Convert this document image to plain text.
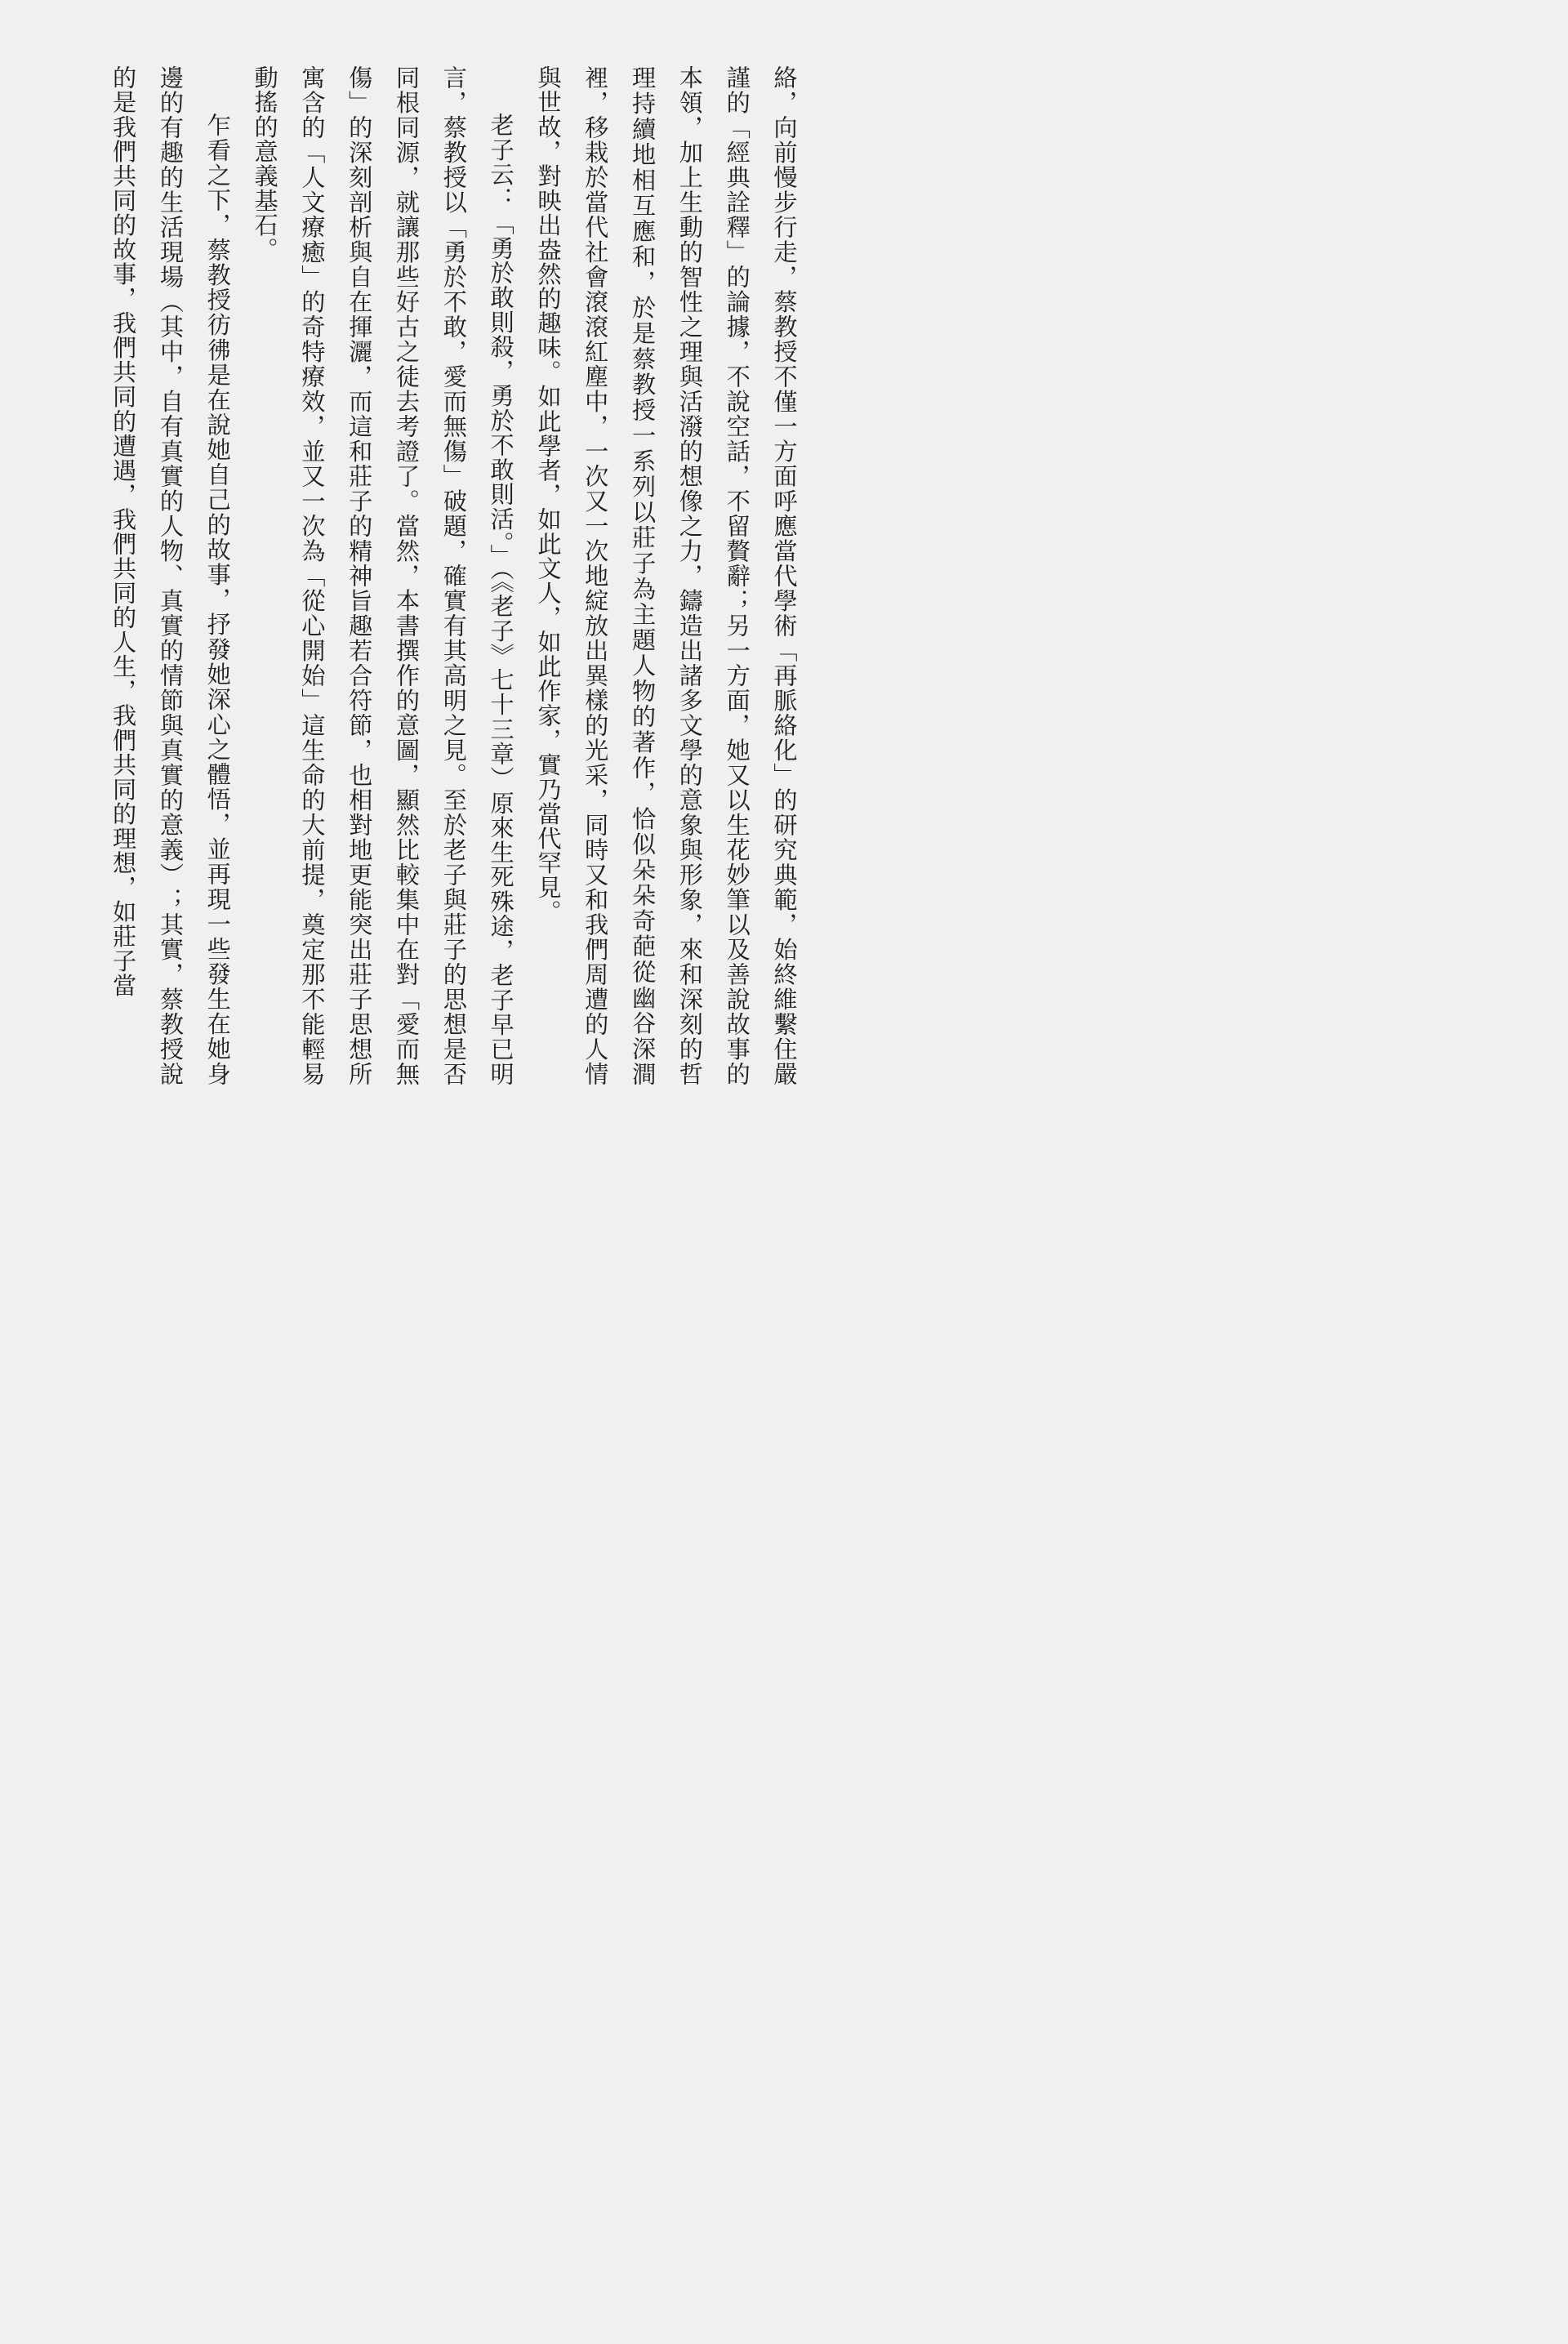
絡，向前慢步行走，蔡教授不僅一方面呼應當代學術「再脈絡化」的研究典範，始終維繫住嚴謹的「經典詮釋」的論據，不說空話，不留贅辭；另一方面，她又以生花妙筆以及善說故事的本領，加上生動的智性之理與活潑的想像之力，鑄造出諸多文學的意象與形象，來和深刻的哲理持續地相互應和，於是蔡教授一系列以莊子為主題人物的著作，恰似朵朵奇葩從幽谷深澗裡，移栽於當代社會滾滾紅塵中，一次又一次地綻放出異樣的光采，同時又和我們周遭的人情與世故，對映出盎然的趣味。如此學者，如此文人，如此作家，實乃當代罕見。

老子云：「勇於敢則殺，勇於不敢則活。」（《老子》七十三章）原來生死殊途，老子早已明言，蔡教授以「勇於不敢，愛而無傷」破題，確實有其高明之見。至於老子與莊子的思想是否同根同源，就讓那些好古之徒去考證了。當然，本書撰作的意圖，顯然比較集中在對「愛而無傷」的深刻剖析與自在揮灑，而這和莊子的精神旨趣若合符節，也相對地更能突出莊子思想所寓含的「人文療癒」的奇特療效，並又一次為「從心開始」這生命的大前提，奠定那不能輕易動搖的意義基石。

乍看之下，蔡教授彷彿是在說她自己的故事，抒發她深心之體悟，並再現一些發生在她身邊的有趣的生活現場（其中，自有真實的人物、真實的情節與真實的意義）；其實，蔡教授說的是我們共同的故事，我們共同的遭遇，我們共同的人生，我們共同的理想，如莊子當
